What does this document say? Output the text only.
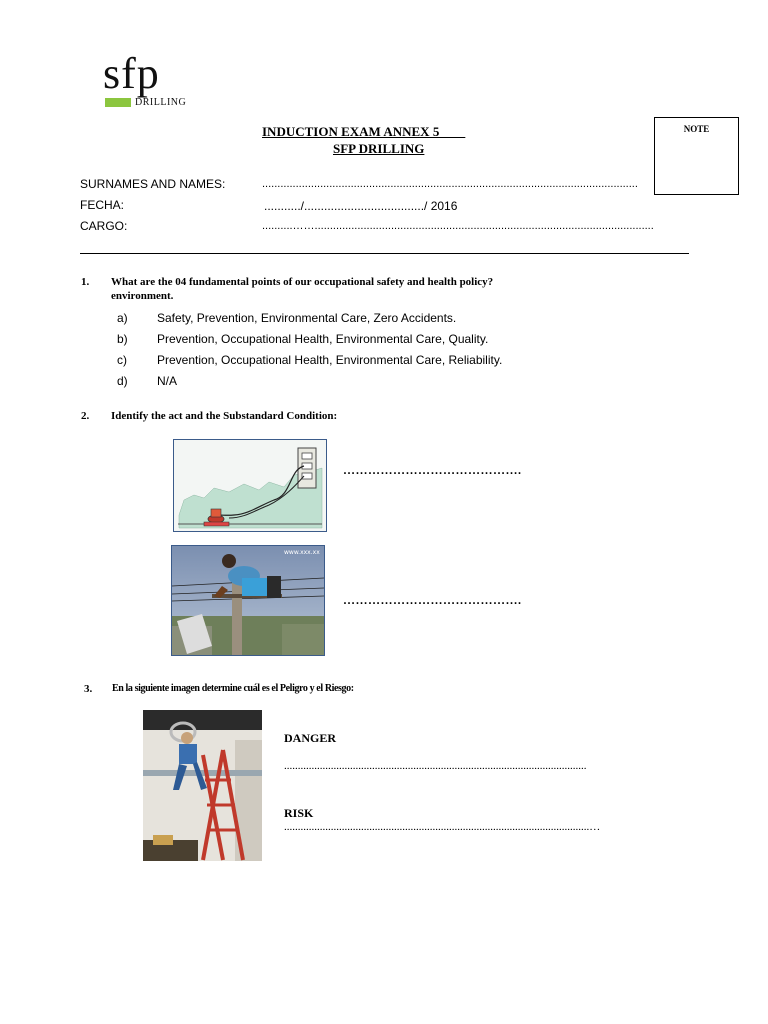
sfp
DRILLING
NOTE
INDUCTION EXAM ANNEX 5
SFP DRILLING
SURNAMES AND NAMES:	...........................................................................................................................
FECHA:	.........../..................................../ 2016
CARGO:	..........……...............................................................................................................
1. What are the 04 fundamental points of our occupational safety and health policy?
environment.
a) Safety, Prevention, Environmental Care, Zero Accidents.
b) Prevention, Occupational Health, Environmental Care, Quality.
c)	Prevention, Occupational Health, Environmental Care, Reliability.
d) N/A
2. Identify the act and the Substandard Condition:
…………………………………….
www.xxx.xx
…………………………………….
3. En la siguiente imagen determine cuál es el Peligro y el Riesgo:
DANGER
..............................................................................................................
RISK
...............................................................................................................…
